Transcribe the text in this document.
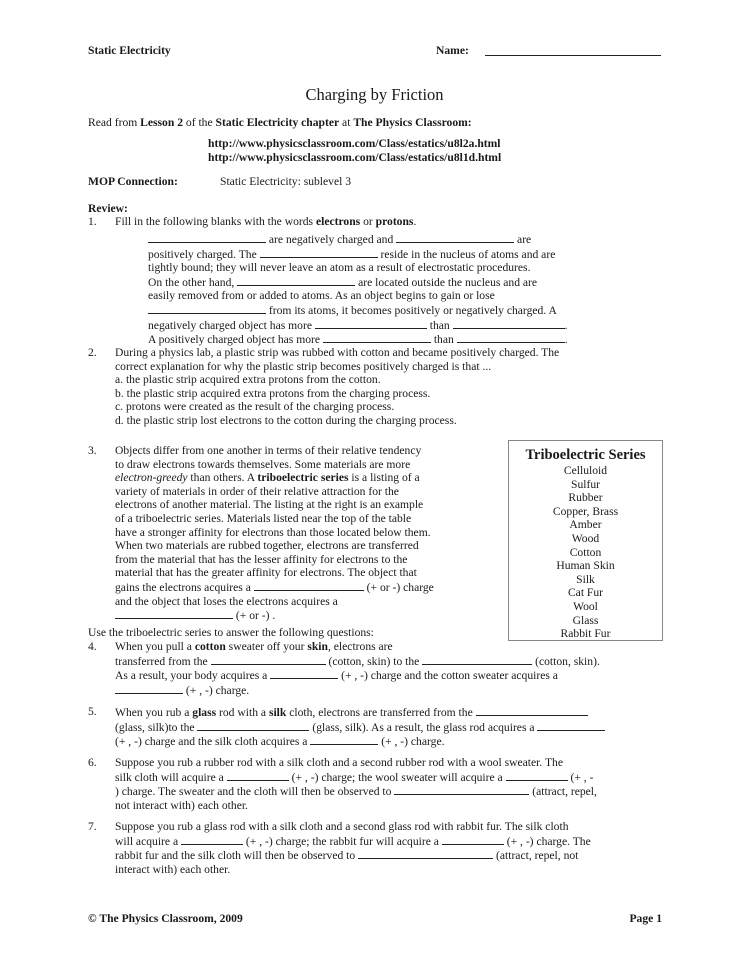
Static Electricity	Name:
Charging by Friction
Read from Lesson 2 of the Static Electricity chapter at The Physics Classroom:
http://www.physicsclassroom.com/Class/estatics/u8l2a.html
http://www.physicsclassroom.com/Class/estatics/u8l1d.html
MOP Connection:	Static Electricity: sublevel 3
Review:
1. Fill in the following blanks with the words electrons or protons.
are negatively charged and	are
positively charged. The	reside in the nucleus of atoms and are
tightly bound; they will never leave an atom as a result of electrostatic procedures.
On the other hand,	are located outside the nucleus and are
easily removed from or added to atoms. As an object begins to gain or lose
from its atoms, it becomes positively or negatively charged. A
negatively charged object has more	than	.
A positively charged object has more	than	.
2. During a physics lab, a plastic strip was rubbed with cotton and became positively charged. The
correct explanation for why the plastic strip becomes positively charged is that ...
a. the plastic strip acquired extra protons from the cotton.
b. the plastic strip acquired extra protons from the charging process.
c. protons were created as the result of the charging process.
d. the plastic strip lost electrons to the cotton during the charging process.
3. Objects differ from one another in terms of their relative tendency
to draw electrons towards themselves. Some materials are more
electron-greedy than others. A triboelectric series is a listing of a
variety of materials in order of their relative attraction for the
electrons of another material. The listing at the right is an example
of a triboelectric series. Materials listed near the top of the table
have a stronger affinity for electrons than those located below them.
When two materials are rubbed together, electrons are transferred
from the material that has the lesser affinity for electrons to the
material that has the greater affinity for electrons. The object that
gains the electrons acquires a	(+ or -) charge
and the object that loses the electrons acquires a
(+ or -) .
Triboelectric Series
Celluloid
Sulfur
Rubber
Copper, Brass
Amber
Wood
Cotton
Human Skin
Silk
Cat Fur
Wool
Glass
Rabbit Fur
Use the triboelectric series to answer the following questions:
4. When you pull a cotton sweater off your skin, electrons are
transferred from the	(cotton, skin) to the	(cotton, skin).
As a result, your body acquires a	(+ , -) charge and the cotton sweater acquires a
(+ , -) charge.
5. When you rub a glass rod with a silk cloth, electrons are transferred from the
(glass, silk)to the	(glass, silk). As a result, the glass rod acquires a
(+ , -) charge and the silk cloth acquires a	(+ , -) charge.
6. Suppose you rub a rubber rod with a silk cloth and a second rubber rod with a wool sweater. The
silk cloth will acquire a	(+ , -) charge; the wool sweater will acquire a	(+ , -
) charge. The sweater and the cloth will then be observed to	(attract, repel,
not interact with) each other.
7. Suppose you rub a glass rod with a silk cloth and a second glass rod with rabbit fur. The silk cloth
will acquire a	(+ , -) charge; the rabbit fur will acquire a	(+ , -) charge. The
rabbit fur and the silk cloth will then be observed to	(attract, repel, not
interact with) each other.
© The Physics Classroom, 2009	Page 1
